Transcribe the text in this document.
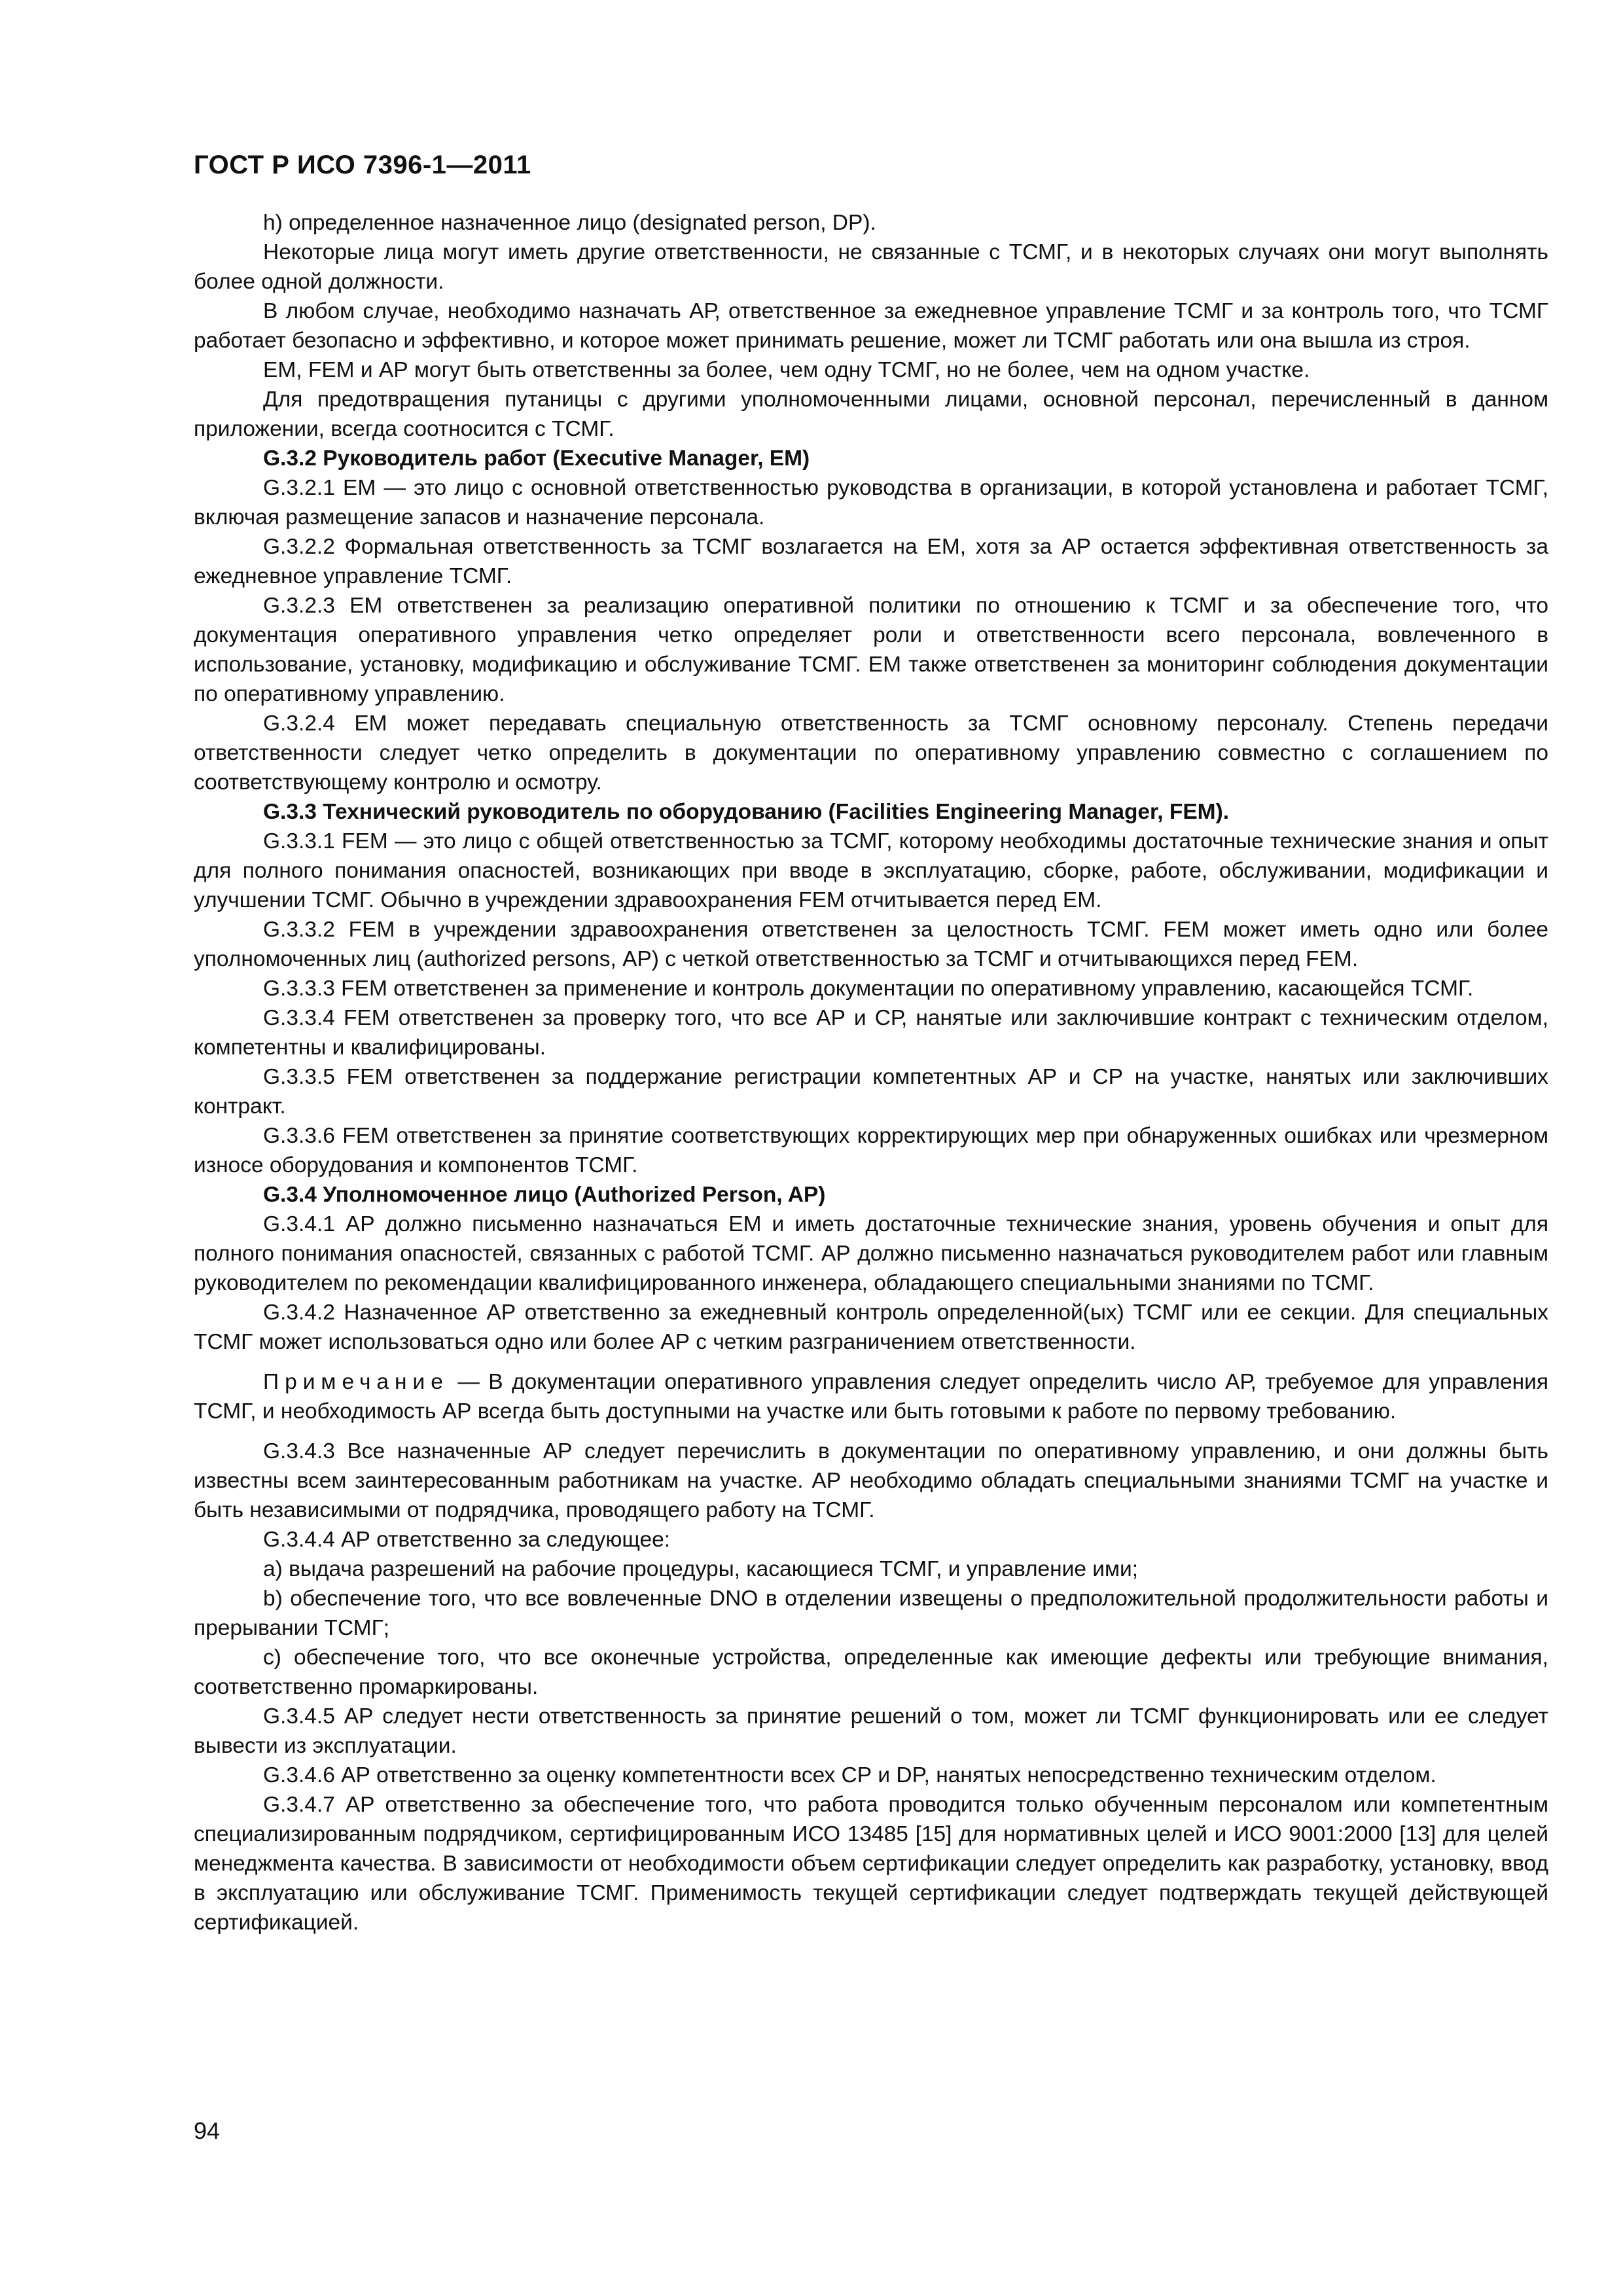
ГОСТ Р ИСО 7396-1—2011

h) определенное назначенное лицо (designated person, DP).

Некоторые лица могут иметь другие ответственности, не связанные с ТСМГ, и в некоторых случаях они могут выполнять более одной должности.

В любом случае, необходимо назначать АР, ответственное за ежедневное управление ТСМГ и за контроль того, что ТСМГ работает безопасно и эффективно, и которое может принимать решение, может ли ТСМГ работать или она вышла из строя.

ЕМ, FEM и АР могут быть ответственны за более, чем одну ТСМГ, но не более, чем на одном участке.

Для предотвращения путаницы с другими уполномоченными лицами, основной персонал, перечисленный в данном приложении, всегда соотносится с ТСМГ.

G.3.2 Руководитель работ (Executive Manager, EM)

G.3.2.1 ЕМ — это лицо с основной ответственностью руководства в организации, в которой установлена и работает ТСМГ, включая размещение запасов и назначение персонала.

G.3.2.2 Формальная ответственность за ТСМГ возлагается на ЕМ, хотя за АР остается эффективная ответственность за ежедневное управление ТСМГ.

G.3.2.3 ЕМ ответственен за реализацию оперативной политики по отношению к ТСМГ и за обеспечение того, что документация оперативного управления четко определяет роли и ответственности всего персонала, вовлеченного в использование, установку, модификацию и обслуживание ТСМГ. ЕМ также ответственен за мониторинг соблюдения документации по оперативному управлению.

G.3.2.4 ЕМ может передавать специальную ответственность за ТСМГ основному персоналу. Степень передачи ответственности следует четко определить в документации по оперативному управлению совместно с соглашением по соответствующему контролю и осмотру.

G.3.3 Технический руководитель по оборудованию (Facilities Engineering Manager, FEM).

G.3.3.1 FEM — это лицо с общей ответственностью за ТСМГ, которому необходимы достаточные технические знания и опыт для полного понимания опасностей, возникающих при вводе в эксплуатацию, сборке, работе, обслуживании, модификации и улучшении ТСМГ. Обычно в учреждении здравоохранения FEM отчитывается перед ЕМ.

G.3.3.2 FEM в учреждении здравоохранения ответственен за целостность ТСМГ. FEM может иметь одно или более уполномоченных лиц (authorized persons, АР) с четкой ответственностью за ТСМГ и отчитывающихся перед FEM.

G.3.3.3 FEM ответственен за применение и контроль документации по оперативному управлению, касающейся ТСМГ.

G.3.3.4 FEM ответственен за проверку того, что все АР и СР, нанятые или заключившие контракт с техническим отделом, компетентны и квалифицированы.

G.3.3.5 FEM ответственен за поддержание регистрации компетентных АР и СР на участке, нанятых или заключивших контракт.

G.3.3.6 FEM ответственен за принятие соответствующих корректирующих мер при обнаруженных ошибках или чрезмерном износе оборудования и компонентов ТСМГ.

G.3.4 Уполномоченное лицо (Authorized Person, AP)

G.3.4.1 АР должно письменно назначаться ЕМ и иметь достаточные технические знания, уровень обучения и опыт для полного понимания опасностей, связанных с работой ТСМГ. АР должно письменно назначаться руководителем работ или главным руководителем по рекомендации квалифицированного инженера, обладающего специальными знаниями по ТСМГ.

G.3.4.2 Назначенное АР ответственно за ежедневный контроль определенной(ых) ТСМГ или ее секции. Для специальных ТСМГ может использоваться одно или более АР с четким разграничением ответственности.

Примечание — В документации оперативного управления следует определить число АР, требуемое для управления ТСМГ, и необходимость АР всегда быть доступными на участке или быть готовыми к работе по первому требованию.

G.3.4.3 Все назначенные АР следует перечислить в документации по оперативному управлению, и они должны быть известны всем заинтересованным работникам на участке. АР необходимо обладать специальными знаниями ТСМГ на участке и быть независимыми от подрядчика, проводящего работу на ТСМГ.

G.3.4.4 АР ответственно за следующее:

а) выдача разрешений на рабочие процедуры, касающиеся ТСМГ, и управление ими;

b) обеспечение того, что все вовлеченные DNO в отделении извещены о предположительной продолжительности работы и прерывании ТСМГ;

с) обеспечение того, что все оконечные устройства, определенные как имеющие дефекты или требующие внимания, соответственно промаркированы.

G.3.4.5 АР следует нести ответственность за принятие решений о том, может ли ТСМГ функционировать или ее следует вывести из эксплуатации.

G.3.4.6 АР ответственно за оценку компетентности всех СР и DP, нанятых непосредственно техническим отделом.

G.3.4.7 АР ответственно за обеспечение того, что работа проводится только обученным персоналом или компетентным специализированным подрядчиком, сертифицированным ИСО 13485 [15] для нормативных целей и ИСО 9001:2000 [13] для целей менеджмента качества. В зависимости от необходимости объем сертификации следует определить как разработку, установку, ввод в эксплуатацию или обслуживание ТСМГ. Применимость текущей сертификации следует подтверждать текущей действующей сертификацией.

94
